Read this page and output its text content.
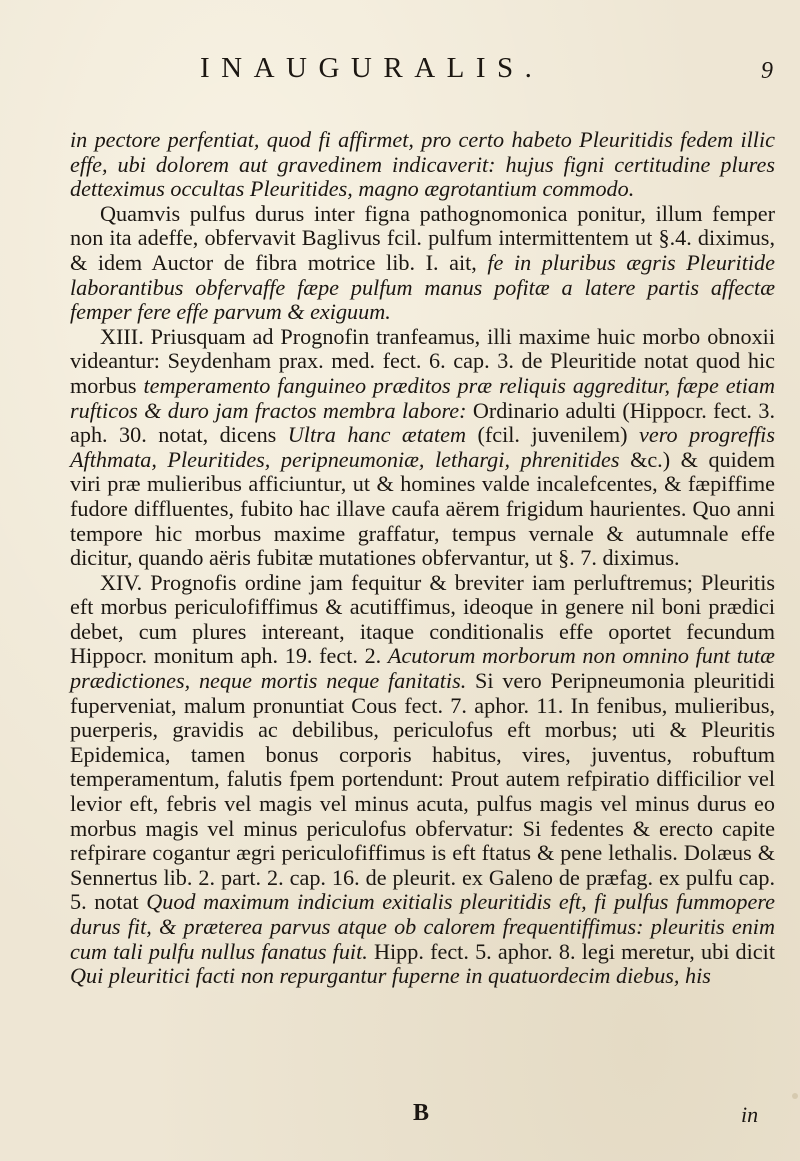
INAUGURALIS.	9

in pectore perfentiat, quod fi affirmet, pro certo habeto Pleuritidis fedem illic effe, ubi dolorem aut gravedinem indicaverit: hujus figni certitudine plures detteximus occultas Pleuritides, magno ægrotantium commodo.

Quamvis pulfus durus inter figna pathognomonica ponitur, illum femper non ita adeffe, obfervavit Baglivus fcil. pulfum intermittentem ut §.4. diximus, & idem Auctor de fibra motrice lib. I. ait, fe in pluribus ægris Pleuritide laborantibus obfervaffe fæpe pulfum manus pofitæ a latere partis affectæ femper fere effe parvum & exiguum.

XIII. Priusquam ad Prognofin tranfeamus, illi maxime huic morbo obnoxii videantur: Seydenham prax. med. fect. 6. cap. 3. de Pleuritide notat quod hic morbus temperamento fanguineo præditos præ reliquis aggreditur, fæpe etiam rufticos & duro jam fractos membra labore: Ordinario adulti (Hippocr. fect. 3. aph. 30. notat, dicens Ultra hanc ætatem (fcil. juvenilem) vero progreffis Afthmata, Pleuritides, peripneumoniæ, lethargi, phrenitides &c.) & quidem viri præ mulieribus afficiuntur, ut & homines valde incalefcentes, & fæpiffime fudore diffluentes, fubito hac illave caufa aërem frigidum haurientes. Quo anni tempore hic morbus maxime graffatur, tempus vernale & autumnale effe dicitur, quando aëris fubitæ mutationes obfervantur, ut §. 7. diximus.

XIV. Prognofis ordine jam fequitur & breviter iam perluftremus; Pleuritis eft morbus periculofiffimus & acutiffimus, ideoque in genere nil boni prædici debet, cum plures intereant, itaque conditionalis effe oportet fecundum Hippocr. monitum aph. 19. fect. 2. Acutorum morborum non omnino funt tutæ prædictiones, neque mortis neque fanitatis. Si vero Peripneumonia pleuritidi fuperveniat, malum pronuntiat Cous fect. 7. aphor. 11. In fenibus, mulieribus, puerperis, gravidis ac debilibus, periculofus eft morbus; uti & Pleuritis Epidemica, tamen bonus corporis habitus, vires, juventus, robuftum temperamentum, falutis fpem portendunt: Prout autem refpiratio difficilior vel levior eft, febris vel magis vel minus acuta, pulfus magis vel minus durus eo morbus magis vel minus periculofus obfervatur: Si fedentes & erecto capite refpirare cogantur ægri periculofiffimus is eft ftatus & pene lethalis. Dolæus & Sennertus lib. 2. part. 2. cap. 16. de pleurit. ex Galeno de præfag. ex pulfu cap. 5. notat Quod maximum indicium exitialis pleuritidis eft, fi pulfus fummopere durus fit, & præterea parvus atque ob calorem frequentiffimus: pleuritis enim cum tali pulfu nullus fanatus fuit. Hipp. fect. 5. aphor. 8. legi meretur, ubi dicit Qui pleuritici facti non repurgantur fuperne in quatuordecim diebus, his

B	in
